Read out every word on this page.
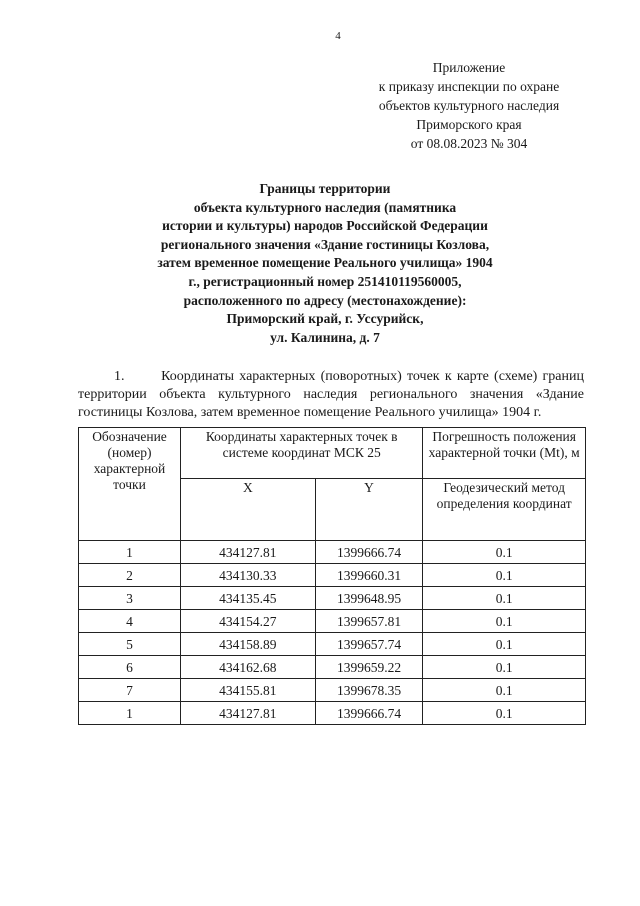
4
Приложение
к приказу инспекции по охране
объектов культурного наследия
Приморского края
от 08.08.2023 № 304
Границы территории
объекта культурного наследия (памятника
истории и культуры) народов Российской Федерации
регионального значения «Здание гостиницы Козлова,
затем временное помещение Реального училища» 1904
г., регистрационный номер 251410119560005,
расположенного по адресу (местонахождение):
Приморский край, г. Уссурийск,
ул. Калинина, д. 7
1.       Координаты характерных (поворотных) точек к карте (схеме) границ
территории объекта культурного наследия регионального значения «Здание гостиницы Козлова, затем временное помещение Реального училища» 1904 г.
Обозначение (номер) характерной точки	Координаты характерных точек в системе координат МСК 25		Погрешность положения характерной точки (Mt), м
	X	Y	Геодезический метод определения координат
1	434127.81	1399666.74	0.1
2	434130.33	1399660.31	0.1
3	434135.45	1399648.95	0.1
4	434154.27	1399657.81	0.1
5	434158.89	1399657.74	0.1
6	434162.68	1399659.22	0.1
7	434155.81	1399678.35	0.1
1	434127.81	1399666.74	0.1
